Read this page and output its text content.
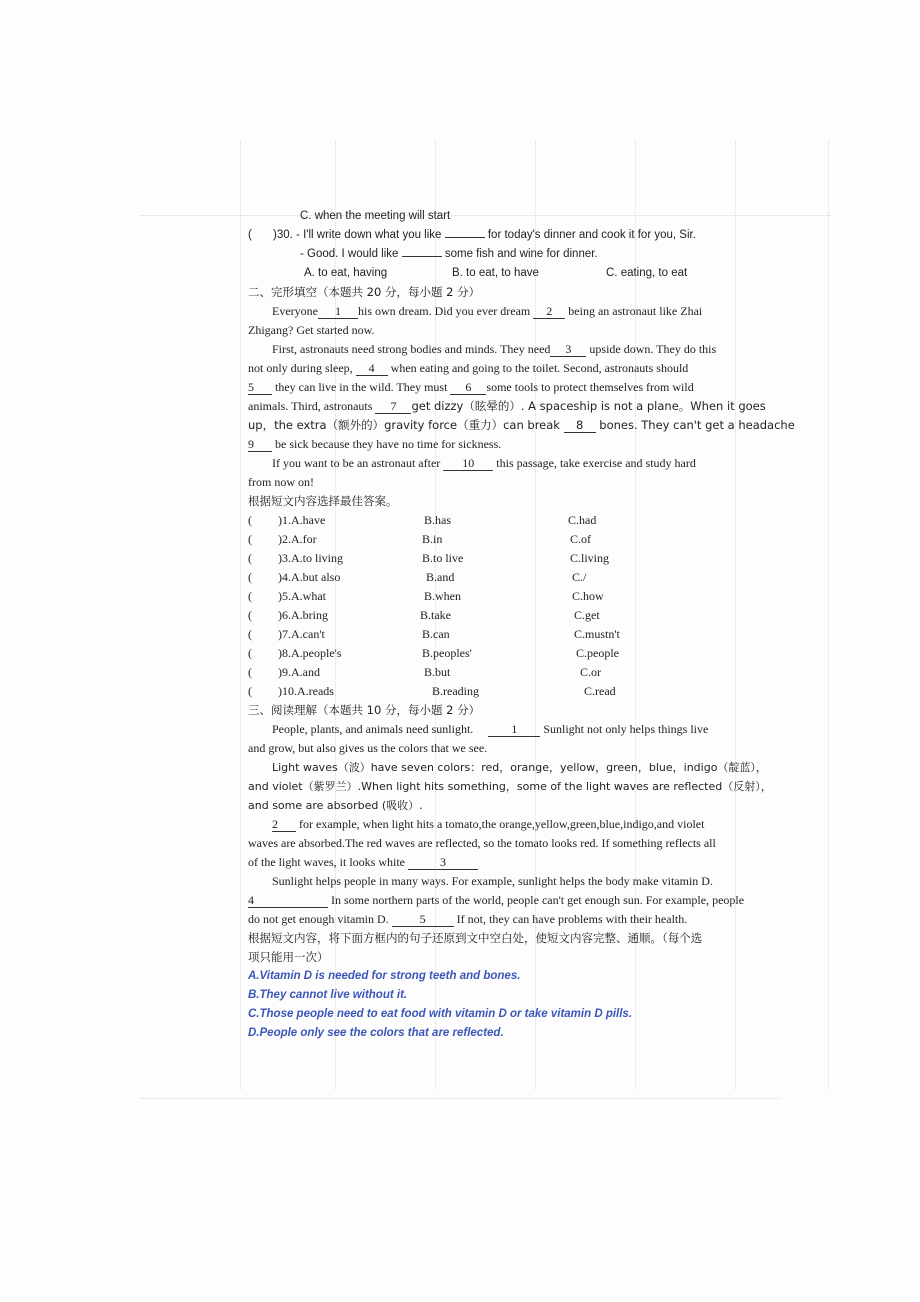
C. when the meeting will start
( )30. - I'll write down what you like	for today's dinner and cook it for you, Sir.
- Good. I would like	some fish and wine for dinner.
A. to eat, having	B. to eat, to have	C. eating, to eat
二、完形填空（本题共 20 分，每小题 2 分）
Everyone 1 his own dream. Did you ever dream 2 being an astronaut like Zhai
Zhigang? Get started now.
First, astronauts need strong bodies and minds. They need 3 upside down. They do this
not only during sleep, 4 when eating and going to the toilet. Second, astronauts should
5 they can live in the wild. They must 6 some tools to protect themselves from wild
animals. Third, astronauts 7 get dizzy（眩晕的）. A spaceship is not a plane。When it goes
up，the extra（额外的）gravity force（重力）can break 8 bones. They can't get a headache
9 be sick because they have no time for sickness.
If you want to be an astronaut after 10 this passage, take exercise and study hard
from now on!
根据短文内容选择最佳答案。
( )1.A.have	B.has	C.had
( )2.A.for	B.in	C.of
( )3.A.to living	B.to live	C.living
( )4.A.but also	B.and	C./
( )5.A.what	B.when	C.how
( )6.A.bring	B.take	C.get
( )7.A.can't	B.can	C.mustn't
( )8.A.people's	B.peoples'	C.people
( )9.A.and	B.but	C.or
( )10.A.reads	B.reading	C.read
三、阅读理解（本题共 10 分，每小题 2 分）
People, plants, and animals need sunlight.	1 Sunlight not only helps things live
and grow, but also gives us the colors that we see.
Light waves（波）have seven colors：red，orange，yellow，green，blue，indigo（靛蓝），
and violet（紫罗兰）.When light hits something，some of the light waves are reflected（反射），
and some are absorbed (吸收）.
2 for example, when light hits a tomato,the orange,yellow,green,blue,indigo,and violet
waves are absorbed.The red waves are reflected, so the tomato looks red. If something reflects all
of the light waves, it looks white	3
Sunlight helps people in many ways. For example, sunlight helps the body make vitamin D.
4	In some northern parts of the world, people can't get enough sun. For example, people
do not get enough vitamin D.	5	If not, they can have problems with their health.
根据短文内容，将下面方框内的句子还原到文中空白处，使短文内容完整、通顺。（每个选
项只能用一次）
A.Vitamin D is needed for strong teeth and bones.
B.They cannot live without it.
C.Those people need to eat food with vitamin D or take vitamin D pills.
D.People only see the colors that are reflected.
